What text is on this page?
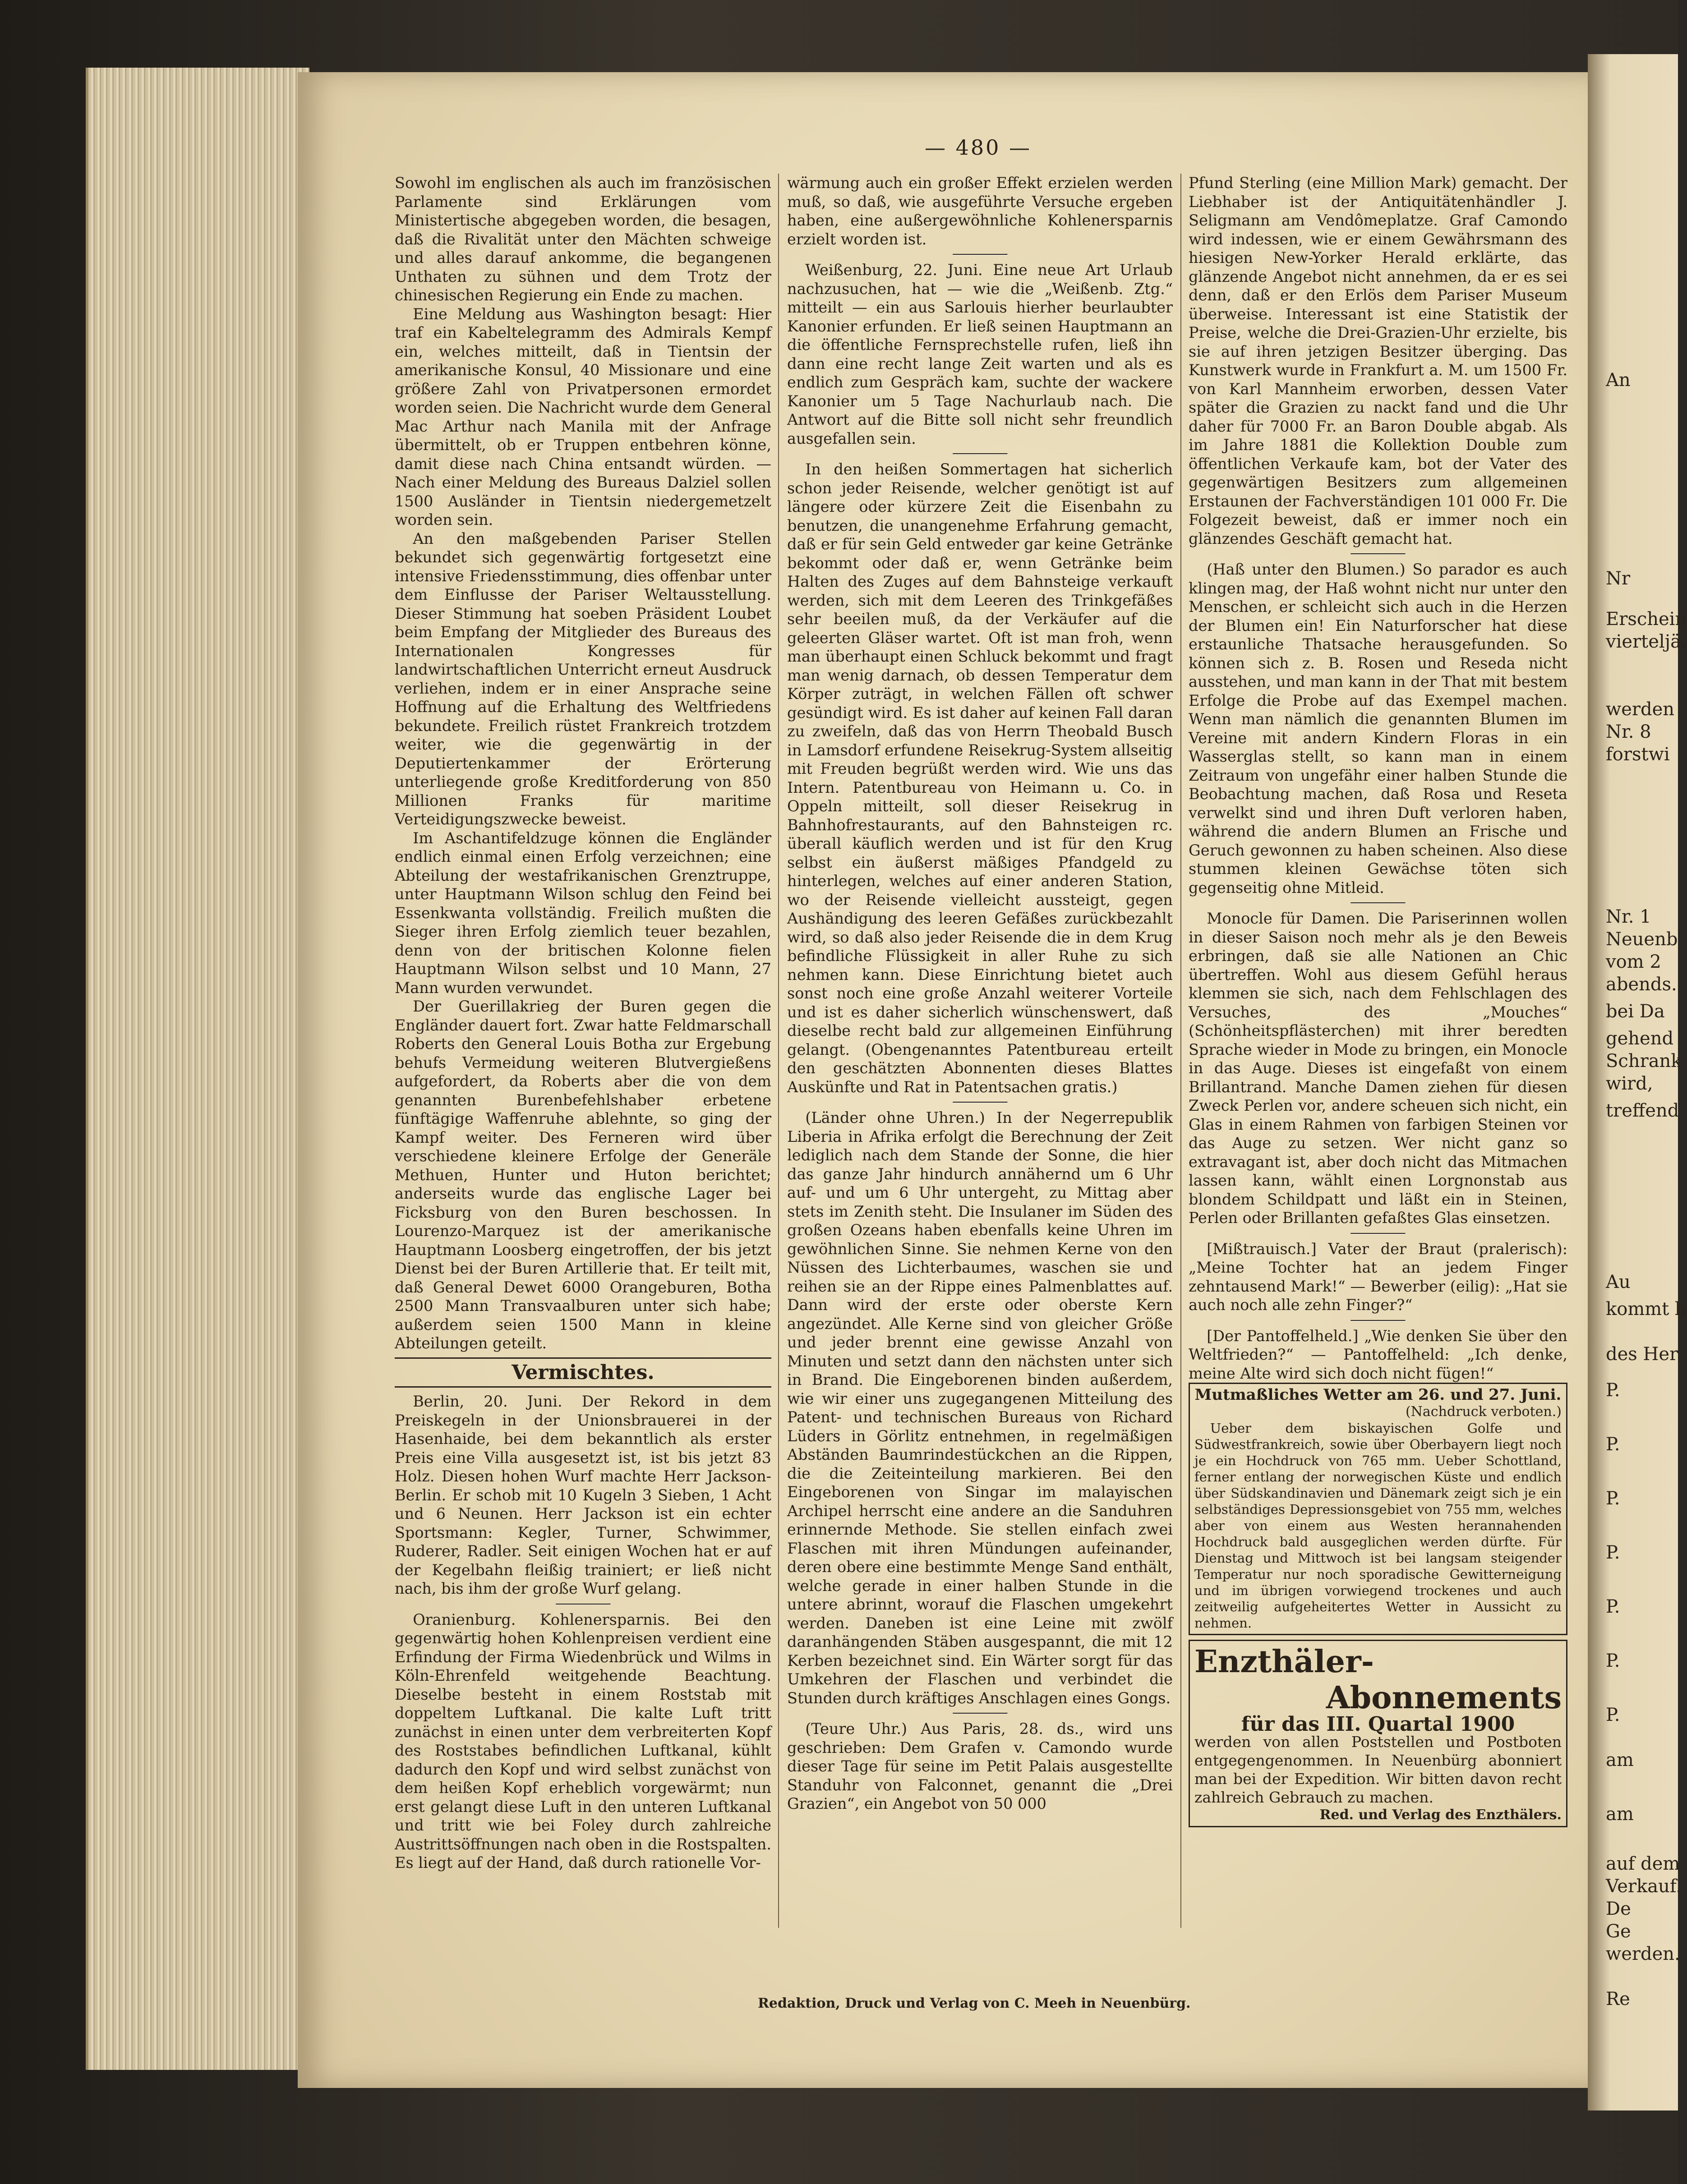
An
Nr
Erschein
vierteljä.
werden
Nr. 8
forstwi
Nr. 1
Neuenb
vom 2
abends.
bei Da
gehend
Schrank
wird,
treffend
Au
kommt b
des Her
P.
P.
P.
P.
P.
P.
P.
am
am
auf dem
Verkauf.
De
Ge
werden.
Re
— 480 —

Sowohl im englischen als auch im französischen Parlamente sind Erklärungen vom Ministertische abgegeben worden, die besagen, daß die Rivalität unter den Mächten schweige und alles darauf ankomme, die begangenen Unthaten zu sühnen und dem Trotz der chinesischen Regierung ein Ende zu machen.

Eine Meldung aus Washington besagt: Hier traf ein Kabeltelegramm des Admirals Kempf ein, welches mitteilt, daß in Tientsin der amerikanische Konsul, 40 Missionare und eine größere Zahl von Privatpersonen ermordet worden seien. Die Nachricht wurde dem General Mac Arthur nach Manila mit der Anfrage übermittelt, ob er Truppen entbehren könne, damit diese nach China entsandt würden. — Nach einer Meldung des Bureaus Dalziel sollen 1500 Ausländer in Tientsin niedergemetzelt worden sein.

An den maßgebenden Pariser Stellen bekundet sich gegenwärtig fortgesetzt eine intensive Friedensstimmung, dies offenbar unter dem Einflusse der Pariser Weltausstellung. Dieser Stimmung hat soeben Präsident Loubet beim Empfang der Mitglieder des Bureaus des Internationalen Kongresses für landwirtschaftlichen Unterricht erneut Ausdruck verliehen, indem er in einer Ansprache seine Hoffnung auf die Erhaltung des Weltfriedens bekundete. Freilich rüstet Frankreich trotzdem weiter, wie die gegenwärtig in der Deputiertenkammer der Erörterung unterliegende große Kreditforderung von 850 Millionen Franks für maritime Verteidigungszwecke beweist.

Im Aschantifeldzuge können die Engländer endlich einmal einen Erfolg verzeichnen; eine Abteilung der westafrikanischen Grenztruppe, unter Hauptmann Wilson schlug den Feind bei Essenkwanta vollständig. Freilich mußten die Sieger ihren Erfolg ziemlich teuer bezahlen, denn von der britischen Kolonne fielen Hauptmann Wilson selbst und 10 Mann, 27 Mann wurden verwundet.

Der Guerillakrieg der Buren gegen die Engländer dauert fort. Zwar hatte Feldmarschall Roberts den General Louis Botha zur Ergebung behufs Vermeidung weiteren Blutvergießens aufgefordert, da Roberts aber die von dem genannten Burenbefehlshaber erbetene fünftägige Waffenruhe ablehnte, so ging der Kampf weiter. Des Ferneren wird über verschiedene kleinere Erfolge der Generäle Methuen, Hunter und Huton berichtet; anderseits wurde das englische Lager bei Ficksburg von den Buren beschossen. In Lourenzo-Marquez ist der amerikanische Hauptmann Loosberg eingetroffen, der bis jetzt Dienst bei der Buren Artillerie that. Er teilt mit, daß General Dewet 6000 Orangeburen, Botha 2500 Mann Transvaalburen unter sich habe; außerdem seien 1500 Mann in kleine Abteilungen geteilt.

Vermischtes.

Berlin, 20. Juni. Der Rekord in dem Preiskegeln in der Unionsbrauerei in der Hasenhaide, bei dem bekanntlich als erster Preis eine Villa ausgesetzt ist, ist bis jetzt 83 Holz. Diesen hohen Wurf machte Herr Jackson-Berlin. Er schob mit 10 Kugeln 3 Sieben, 1 Acht und 6 Neunen. Herr Jackson ist ein echter Sportsmann: Kegler, Turner, Schwimmer, Ruderer, Radler. Seit einigen Wochen hat er auf der Kegelbahn fleißig trainiert; er ließ nicht nach, bis ihm der große Wurf gelang.

Oranienburg. Kohlenersparnis. Bei den gegenwärtig hohen Kohlenpreisen verdient eine Erfindung der Firma Wiedenbrück und Wilms in Köln-Ehrenfeld weitgehende Beachtung. Dieselbe besteht in einem Roststab mit doppeltem Luftkanal. Die kalte Luft tritt zunächst in einen unter dem verbreiterten Kopf des Roststabes befindlichen Luftkanal, kühlt dadurch den Kopf und wird selbst zunächst von dem heißen Kopf erheblich vorgewärmt; nun erst gelangt diese Luft in den unteren Luftkanal und tritt wie bei Foley durch zahlreiche Austrittsöffnungen nach oben in die Rostspalten. Es liegt auf der Hand, daß durch rationelle Vor-

wärmung auch ein großer Effekt erzielen werden muß, so daß, wie ausgeführte Versuche ergeben haben, eine außergewöhnliche Kohlenersparnis erzielt worden ist.

Weißenburg, 22. Juni. Eine neue Art Urlaub nachzusuchen, hat — wie die „Weißenb. Ztg.“ mitteilt — ein aus Sarlouis hierher beurlaubter Kanonier erfunden. Er ließ seinen Hauptmann an die öffentliche Fernsprechstelle rufen, ließ ihn dann eine recht lange Zeit warten und als es endlich zum Gespräch kam, suchte der wackere Kanonier um 5 Tage Nachurlaub nach. Die Antwort auf die Bitte soll nicht sehr freundlich ausgefallen sein.

In den heißen Sommertagen hat sicherlich schon jeder Reisende, welcher genötigt ist auf längere oder kürzere Zeit die Eisenbahn zu benutzen, die unangenehme Erfahrung gemacht, daß er für sein Geld entweder gar keine Getränke bekommt oder daß er, wenn Getränke beim Halten des Zuges auf dem Bahnsteige verkauft werden, sich mit dem Leeren des Trinkgefäßes sehr beeilen muß, da der Verkäufer auf die geleerten Gläser wartet. Oft ist man froh, wenn man überhaupt einen Schluck bekommt und fragt man wenig darnach, ob dessen Temperatur dem Körper zuträgt, in welchen Fällen oft schwer gesündigt wird. Es ist daher auf keinen Fall daran zu zweifeln, daß das von Herrn Theobald Busch in Lamsdorf erfundene Reisekrug-System allseitig mit Freuden begrüßt werden wird. Wie uns das Intern. Patentbureau von Heimann u. Co. in Oppeln mitteilt, soll dieser Reisekrug in Bahnhofrestaurants, auf den Bahnsteigen rc. überall käuflich werden und ist für den Krug selbst ein äußerst mäßiges Pfandgeld zu hinterlegen, welches auf einer anderen Station, wo der Reisende vielleicht aussteigt, gegen Aushändigung des leeren Gefäßes zurückbezahlt wird, so daß also jeder Reisende die in dem Krug befindliche Flüssigkeit in aller Ruhe zu sich nehmen kann. Diese Einrichtung bietet auch sonst noch eine große Anzahl weiterer Vorteile und ist es daher sicherlich wünschenswert, daß dieselbe recht bald zur allgemeinen Einführung gelangt. (Obengenanntes Patentbureau erteilt den geschätzten Abonnenten dieses Blattes Auskünfte und Rat in Patentsachen gratis.)

(Länder ohne Uhren.) In der Negerrepublik Liberia in Afrika erfolgt die Berechnung der Zeit lediglich nach dem Stande der Sonne, die hier das ganze Jahr hindurch annähernd um 6 Uhr auf- und um 6 Uhr untergeht, zu Mittag aber stets im Zenith steht. Die Insulaner im Süden des großen Ozeans haben ebenfalls keine Uhren im gewöhnlichen Sinne. Sie nehmen Kerne von den Nüssen des Lichterbaumes, waschen sie und reihen sie an der Rippe eines Palmenblattes auf. Dann wird der erste oder oberste Kern angezündet. Alle Kerne sind von gleicher Größe und jeder brennt eine gewisse Anzahl von Minuten und setzt dann den nächsten unter sich in Brand. Die Eingeborenen binden außerdem, wie wir einer uns zugegangenen Mitteilung des Patent- und technischen Bureaus von Richard Lüders in Görlitz entnehmen, in regelmäßigen Abständen Baumrindestückchen an die Rippen, die die Zeiteinteilung markieren. Bei den Eingeborenen von Singar im malayischen Archipel herrscht eine andere an die Sanduhren erinnernde Methode. Sie stellen einfach zwei Flaschen mit ihren Mündungen aufeinander, deren obere eine bestimmte Menge Sand enthält, welche gerade in einer halben Stunde in die untere abrinnt, worauf die Flaschen umgekehrt werden. Daneben ist eine Leine mit zwölf daranhängenden Stäben ausgespannt, die mit 12 Kerben bezeichnet sind. Ein Wärter sorgt für das Umkehren der Flaschen und verbindet die Stunden durch kräftiges Anschlagen eines Gongs.

(Teure Uhr.) Aus Paris, 28. ds., wird uns geschrieben: Dem Grafen v. Camondo wurde dieser Tage für seine im Petit Palais ausgestellte Standuhr von Falconnet, genannt die „Drei Grazien“, ein Angebot von 50 000

Pfund Sterling (eine Million Mark) gemacht. Der Liebhaber ist der Antiquitätenhändler J. Seligmann am Vendômeplatze. Graf Camondo wird indessen, wie er einem Gewährsmann des hiesigen New-Yorker Herald erklärte, das glänzende Angebot nicht annehmen, da er es sei denn, daß er den Erlös dem Pariser Museum überweise. Interessant ist eine Statistik der Preise, welche die Drei-Grazien-Uhr erzielte, bis sie auf ihren jetzigen Besitzer überging. Das Kunstwerk wurde in Frankfurt a. M. um 1500 Fr. von Karl Mannheim erworben, dessen Vater später die Grazien zu nackt fand und die Uhr daher für 7000 Fr. an Baron Double abgab. Als im Jahre 1881 die Kollektion Double zum öffentlichen Verkaufe kam, bot der Vater des gegenwärtigen Besitzers zum allgemeinen Erstaunen der Fachverständigen 101 000 Fr. Die Folgezeit beweist, daß er immer noch ein glänzendes Geschäft gemacht hat.

(Haß unter den Blumen.) So parador es auch klingen mag, der Haß wohnt nicht nur unter den Menschen, er schleicht sich auch in die Herzen der Blumen ein! Ein Naturforscher hat diese erstaunliche Thatsache herausgefunden. So können sich z. B. Rosen und Reseda nicht ausstehen, und man kann in der That mit bestem Erfolge die Probe auf das Exempel machen. Wenn man nämlich die genannten Blumen im Vereine mit andern Kindern Floras in ein Wasserglas stellt, so kann man in einem Zeitraum von ungefähr einer halben Stunde die Beobachtung machen, daß Rosa und Reseta verwelkt sind und ihren Duft verloren haben, während die andern Blumen an Frische und Geruch gewonnen zu haben scheinen. Also diese stummen kleinen Gewächse töten sich gegenseitig ohne Mitleid.

Monocle für Damen. Die Pariserinnen wollen in dieser Saison noch mehr als je den Beweis erbringen, daß sie alle Nationen an Chic übertreffen. Wohl aus diesem Gefühl heraus klemmen sie sich, nach dem Fehlschlagen des Versuches, des „Mouches“ (Schönheitspflästerchen) mit ihrer beredten Sprache wieder in Mode zu bringen, ein Monocle in das Auge. Dieses ist eingefaßt von einem Brillantrand. Manche Damen ziehen für diesen Zweck Perlen vor, andere scheuen sich nicht, ein Glas in einem Rahmen von farbigen Steinen vor das Auge zu setzen. Wer nicht ganz so extravagant ist, aber doch nicht das Mitmachen lassen kann, wählt einen Lorgnonstab aus blondem Schildpatt und läßt ein in Steinen, Perlen oder Brillanten gefaßtes Glas einsetzen.

[Mißtrauisch.] Vater der Braut (pralerisch): „Meine Tochter hat an jedem Finger zehntausend Mark!“ — Bewerber (eilig): „Hat sie auch noch alle zehn Finger?“

[Der Pantoffelheld.] „Wie denken Sie über den Weltfrieden?“ — Pantoffelheld: „Ich denke, meine Alte wird sich doch nicht fügen!“

Mutmaßliches Wetter am 26. und 27. Juni.

(Nachdruck verboten.)

Ueber dem biskayischen Golfe und Südwestfrankreich, sowie über Oberbayern liegt noch je ein Hochdruck von 765 mm. Ueber Schottland, ferner entlang der norwegischen Küste und endlich über Südskandinavien und Dänemark zeigt sich je ein selbständiges Depressionsgebiet von 755 mm, welches aber von einem aus Westen herannahenden Hochdruck bald ausgeglichen werden dürfte. Für Dienstag und Mittwoch ist bei langsam steigender Temperatur nur noch sporadische Gewitterneigung und im übrigen vorwiegend trockenes und auch zeitweilig aufgeheitertes Wetter in Aussicht zu nehmen.

Enzthäler-

Abonnements

für das III. Quartal 1900

werden von allen Poststellen und Postboten entgegengenommen. In Neuenbürg abonniert man bei der Expedition. Wir bitten davon recht zahlreich Gebrauch zu machen.

Red. und Verlag des Enzthälers.

Redaktion, Druck und Verlag von C. Meeh in Neuenbürg.
